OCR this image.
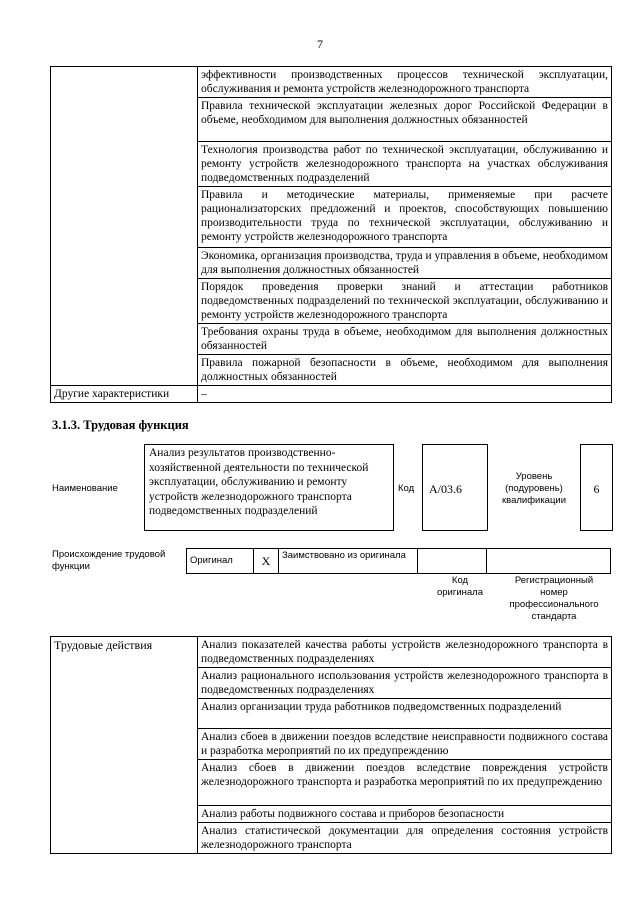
7
	эффективности производственных процессов технической эксплуатации, обслуживания и ремонта устройств железнодорожного транспорта
	Правила технической эксплуатации железных дорог Российской Федерации в объеме, необходимом для выполнения должностных обязанностей
	Технология производства работ по технической эксплуатации, обслуживанию и ремонту устройств железнодорожного транспорта на участках обслуживания подведомственных подразделений
	Правила и методические материалы, применяемые при расчете рационализаторских предложений и проектов, способствующих повышению производительности труда по технической эксплуатации, обслуживанию и ремонту устройств железнодорожного транспорта
	Экономика, организация производства, труда и управления в объеме, необходимом для выполнения должностных обязанностей
	Порядок проведения проверки знаний и аттестации работников подведомственных подразделений по технической эксплуатации, обслуживанию и ремонту устройств железнодорожного транспорта
	Требования охраны труда в объеме, необходимом для выполнения должностных обязанностей
	Правила пожарной безопасности в объеме, необходимом для выполнения должностных обязанностей
Другие характеристики	–
3.1.3. Трудовая функция
Наименование
Анализ результатов производственно-хозяйственной деятельности по технической эксплуатации, обслуживанию и ремонту устройств железнодорожного транспорта подведомственных подразделений
Код А/03.6
Уровень (подуровень) квалификации
6
Происхождение трудовой функции
Оригинал	Х	Заимствовано из оригинала		
Код оригинала
Регистрационный номер профессионального стандарта
Трудовые действия	Анализ показателей качества работы устройств железнодорожного транспорта в подведомственных подразделениях
Анализ рационального использования устройств железнодорожного транспорта в подведомственных подразделениях
Анализ организации труда работников подведомственных подразделений
Анализ сбоев в движении поездов вследствие неисправности подвижного состава и разработка мероприятий по их предупреждению
Анализ сбоев в движении поездов вследствие повреждения устройств железнодорожного транспорта и разработка мероприятий по их предупреждению
Анализ работы подвижного состава и приборов безопасности
Анализ статистической документации для определения состояния устройств железнодорожного транспорта
